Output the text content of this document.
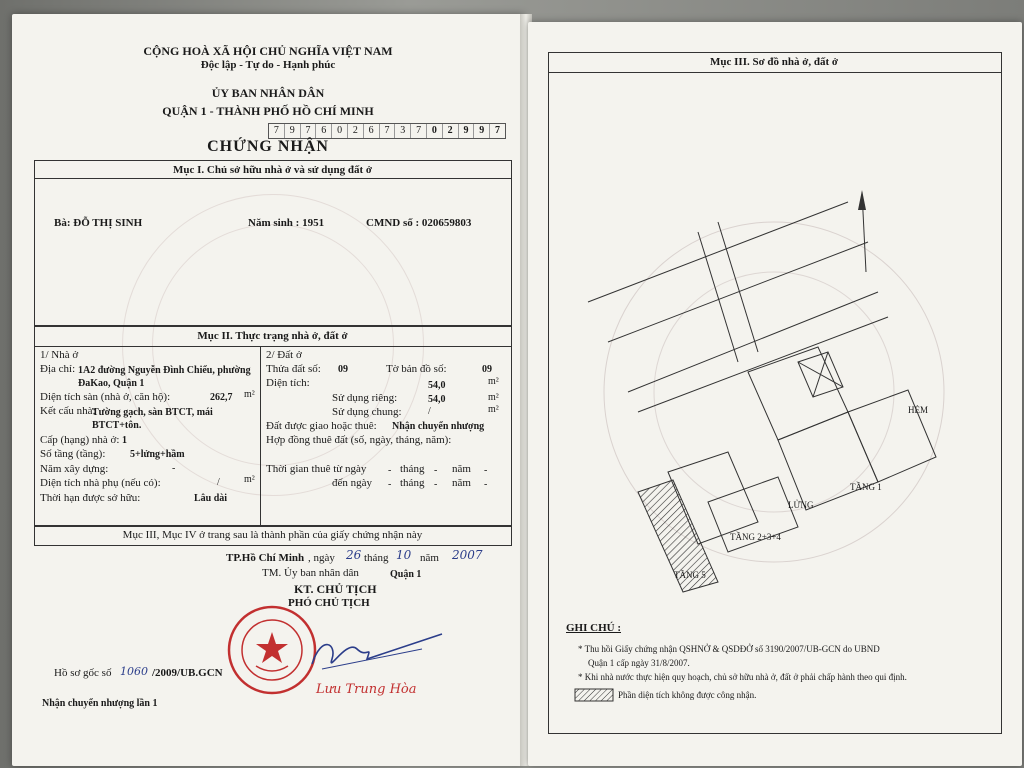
CỘNG HOÀ XÃ HỘI CHỦ NGHĨA VIỆT NAM
Độc lập - Tự do - Hạnh phúc
ỦY BAN NHÂN DÂN
QUẬN 1 - THÀNH PHỐ HỒ CHÍ MINH
7	9	7	6	0	2	6	7	3	7	0	2	9	9	7
CHỨNG NHẬN
Mục I. Chủ sở hữu nhà ở và sử dụng đất ở
Bà: ĐỖ THỊ SINH	Năm sinh : 1951	CMND số : 020659803
Mục II. Thực trạng nhà ở, đất ở
1/ Nhà ở
Địa chỉ: 1A2 đường Nguyễn Đình Chiểu, phường ĐaKao, Quận 1
Diện tích sàn (nhà ở, căn hộ):	262,7 m²
Kết cấu nhà:
Tường gạch, sàn BTCT, mái BTCT+tôn.
Cấp (hạng) nhà ở: 1
Số tầng (tầng): 5+lửng+hầm
Năm xây dựng:	-
Diện tích nhà phụ (nếu có):	/ m²
Thời hạn được sở hữu:	Lâu dài
2/ Đất ở
Thửa đất số: 09	Tờ bản đồ số:	09
Diện tích:	54,0	m²
Sử dụng riêng:	54,0	m²
Sử dụng chung:	/	m²
Đất được giao hoặc thuê: Nhận chuyển nhượng
Hợp đồng thuê đất (số, ngày, tháng, năm):
Thời gian thuê từ ngày - tháng - năm -
đến ngày - tháng - năm -
Mục III, Mục IV ở trang sau là thành phần của giấy chứng nhận này
TP.Hồ Chí Minh , ngày 26 tháng 10 năm 2007
TM. Ủy ban nhân dân	Quận 1
KT. CHỦ TỊCH
PHÓ CHỦ TỊCH
Lưu Trung Hòa
Hồ sơ gốc số 1060 /2009/UB.GCN
Nhận chuyển nhượng lần 1
Mục III. Sơ đồ nhà ở, đất ở
HẺM
TẦNG 1
TẦNG 2+3+4
TẦNG 5
LỬNG
GHI CHÚ :
* Thu hồi Giấy chứng nhận QSHNỞ & QSDĐỞ số 3190/2007/UB-GCN do UBND
Quận 1 cấp ngày 31/8/2007.
* Khi nhà nước thực hiện quy hoạch, chủ sở hữu nhà ở, đất ở phải chấp hành theo qui định.
Phần diện tích không được công nhận.
